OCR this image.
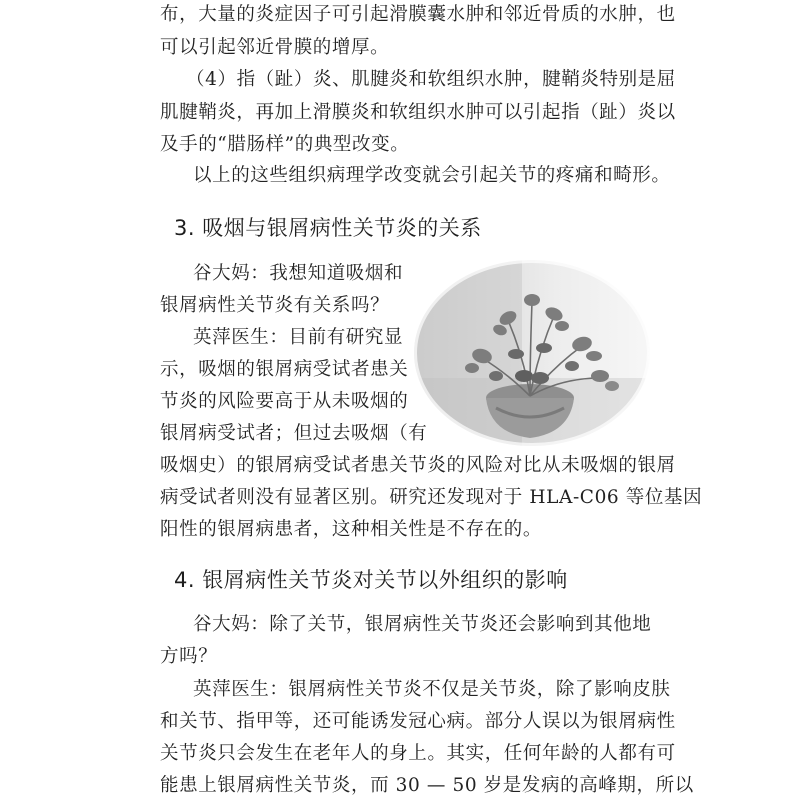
布，大量的炎症因子可引起滑膜囊水肿和邻近骨质的水肿，也
可以引起邻近骨膜的增厚。
（4）指（趾）炎、肌腱炎和软组织水肿，腱鞘炎特别是屈
肌腱鞘炎，再加上滑膜炎和软组织水肿可以引起指（趾）炎以
及手的“腊肠样”的典型改变。
以上的这些组织病理学改变就会引起关节的疼痛和畸形。
3. 吸烟与银屑病性关节炎的关系
谷大妈：我想知道吸烟和
银屑病性关节炎有关系吗？
英萍医生：目前有研究显
示，吸烟的银屑病受试者患关
节炎的风险要高于从未吸烟的
银屑病受试者；但过去吸烟（有
吸烟史）的银屑病受试者患关节炎的风险对比从未吸烟的银屑
病受试者则没有显著区别。研究还发现对于 HLA-C06 等位基因
阳性的银屑病患者，这种相关性是不存在的。
4. 银屑病性关节炎对关节以外组织的影响
谷大妈：除了关节，银屑病性关节炎还会影响到其他地
方吗？
英萍医生：银屑病性关节炎不仅是关节炎，除了影响皮肤
和关节、指甲等，还可能诱发冠心病。部分人误以为银屑病性
关节炎只会发生在老年人的身上。其实，任何年龄的人都有可
能患上银屑病性关节炎，而 30 — 50 岁是发病的高峰期，所以
